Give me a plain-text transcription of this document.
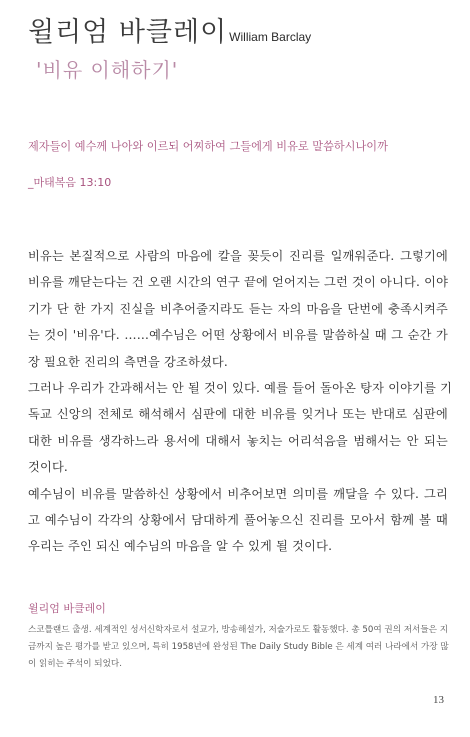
윌리엄 바클레이 William Barclay
'비유 이해하기'
제자들이 예수께 나아와 이르되 어찌하여 그들에게 비유로 말씀하시나이까
_마태복음 13:10
비유는 본질적으로 사람의 마음에 칼을 꽂듯이 진리를 일깨워준다. 그렇기에
비유를 깨닫는다는 건 오랜 시간의 연구 끝에 얻어지는 그런 것이 아니다. 이야
기가 단 한 가지 진실을 비추어줄지라도 듣는 자의 마음을 단번에 충족시켜주
는 것이 '비유'다. ……예수님은 어떤 상황에서 비유를 말씀하실 때 그 순간 가
장 필요한 진리의 측면을 강조하셨다.
그러나 우리가 간과해서는 안 될 것이 있다. 예를 들어 돌아온 탕자 이야기를 기
독교 신앙의 전체로 해석해서 심판에 대한 비유를 잊거나 또는 반대로 심판에
대한 비유를 생각하느라 용서에 대해서 놓치는 어리석음을 범해서는 안 되는
것이다.
예수님이 비유를 말씀하신 상황에서 비추어보면 의미를 깨달을 수 있다. 그리
고 예수님이 각각의 상황에서 담대하게 풀어놓으신 진리를 모아서 함께 볼 때
우리는 주인 되신 예수님의 마음을 알 수 있게 될 것이다.
윌리엄 바클레이
스코틀랜드 출생. 세계적인 성서신학자로서 설교가, 방송해설가, 저술가로도 활동했다. 총 50여 권의 저서들은 지
금까지 높은 평가를 받고 있으며, 특히 1958년에 완성된 The Daily Study Bible 은 세계 여러 나라에서 가장 많
이 읽히는 주석이 되었다.
13
